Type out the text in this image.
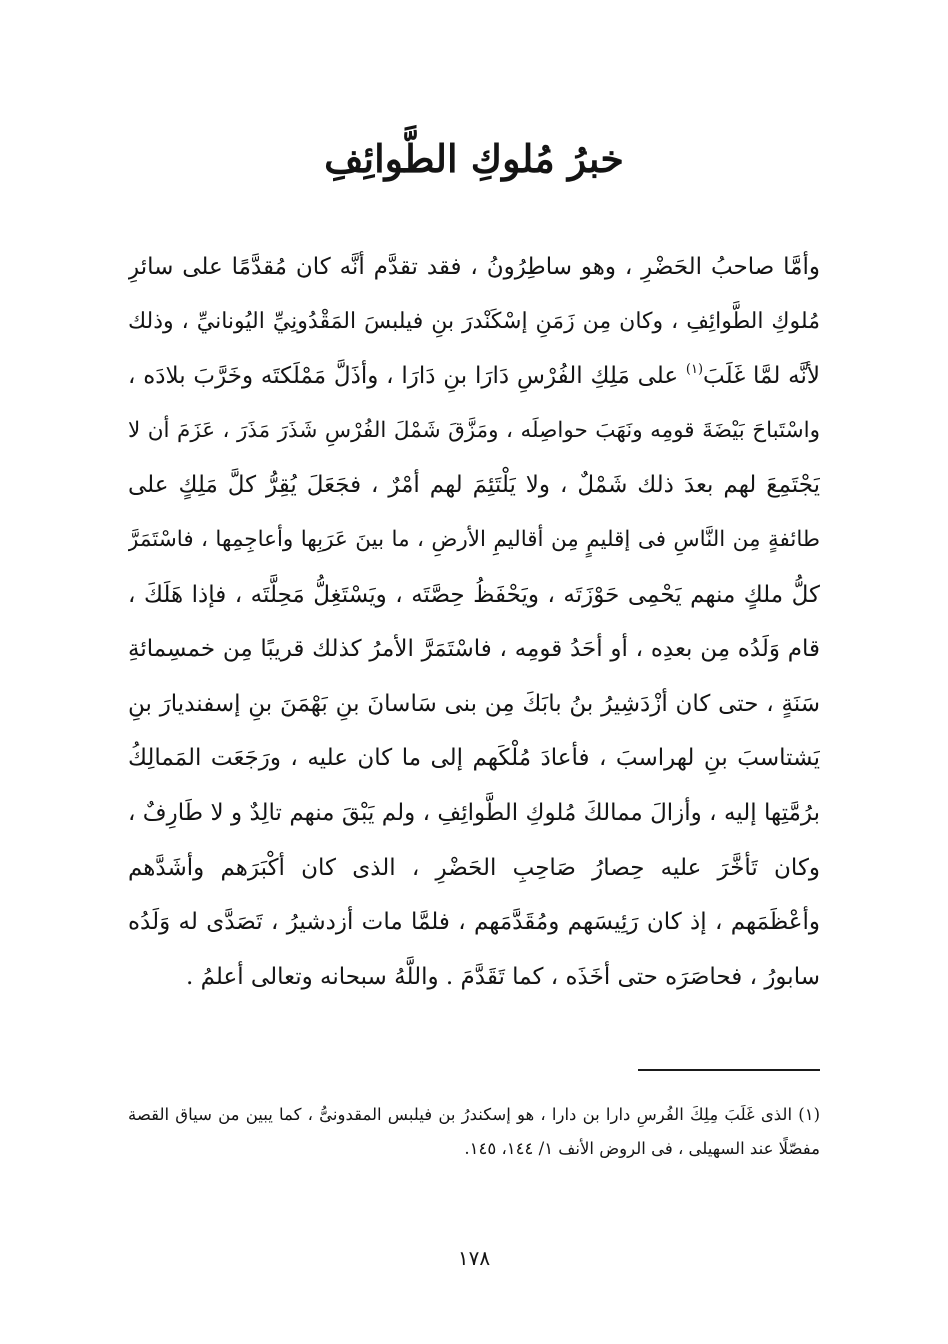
خبرُ مُلوكِ الطَّوائِفِ
وأمَّا صاحبُ الحَضْرِ ، وهو ساطِرُونُ ، فقد تقدَّم أنَّه كان مُقدَّمًا على سائرِ
مُلوكِ الطَّوائِفِ ، وكان مِن زَمَنِ إسْكَنْدرَ بنِ فيلبسَ المَقْدُونِيِّ اليُونانيِّ ، وذلك
لأنَّه لمَّا غَلَبَ$^{(١)}$ على مَلِكِ الفُرْسِ دَارَا بنِ دَارَا ، وأذَلَّ مَمْلَكتَه وخَرَّبَ بلادَه ،
واسْتَباحَ بَيْضَةَ قومِه ونَهَبَ حواصِلَه ، ومَزَّقَ شَمْلَ الفُرْسِ شَذَرَ مَذَرَ ، عَزَمَ أن لا
يَجْتَمِعَ لهم بعدَ ذلك شَمْلٌ ، ولا يَلْتَئِمَ لهم أمْرٌ ، فجَعَلَ يُقِرُّ كلَّ مَلِكٍ على
طائفةٍ مِن النَّاسِ فى إقليمٍ مِن أقاليمِ الأرضِ ، ما بينَ عَرَبِها وأعاجِمِها ، فاسْتَمَرَّ
كلُّ ملكٍ منهم يَحْمِى حَوْزَتَه ، ويَحْفَظُ حِصَّتَه ، ويَسْتَغِلُّ مَحِلَّتَه ، فإذا هَلَكَ ،
قام وَلَدُه مِن بعدِه ، أو أحَدُ قومِه ، فاسْتَمَرَّ الأمرُ كذلك قريبًا مِن خمسِمائةِ
سَنَةٍ ، حتى كان أزْدَشِيرُ بنُ بابَكَ مِن بنى سَاسانَ بنِ بَهْمَنَ بنِ إسفنديارَ بنِ
يَشتاسبَ بنِ لهراسبَ ، فأعادَ مُلْكَهم إلى ما كان عليه ، ورَجَعَت المَمالِكُ
برُمَّتِها إليه ، وأزالَ ممالكَ مُلوكِ الطَّوائِفِ ، ولم يَبْقَ منهم تالِدٌ و لا طَارِفٌ ،
وكان تَأخَّرَ عليه حِصارُ صَاحِبِ الحَضْرِ ، الذى كان أكْبَرَهم وأشَدَّهم
وأعْظَمَهم ، إذ كان رَئِيسَهم ومُقَدَّمَهم ، فلمَّا مات أزدشيرُ ، تَصَدَّى له وَلَدُه
سابورُ ، فحاصَرَه حتى أخَذَه ، كما تَقَدَّمَ . واللَّهُ سبحانه وتعالى أعلمُ .
(١) الذى غَلَبَ مِلِكَ الفُرسِ دارا بن دارا ، هو إسكندرُ بن فيلبس المقدونىُّ ، كما يبين من سياق القصة
مفصّلًا عند السهيلى ، فى الروض الأنف ١/ ١٤٤، ١٤٥.
١٧٨
